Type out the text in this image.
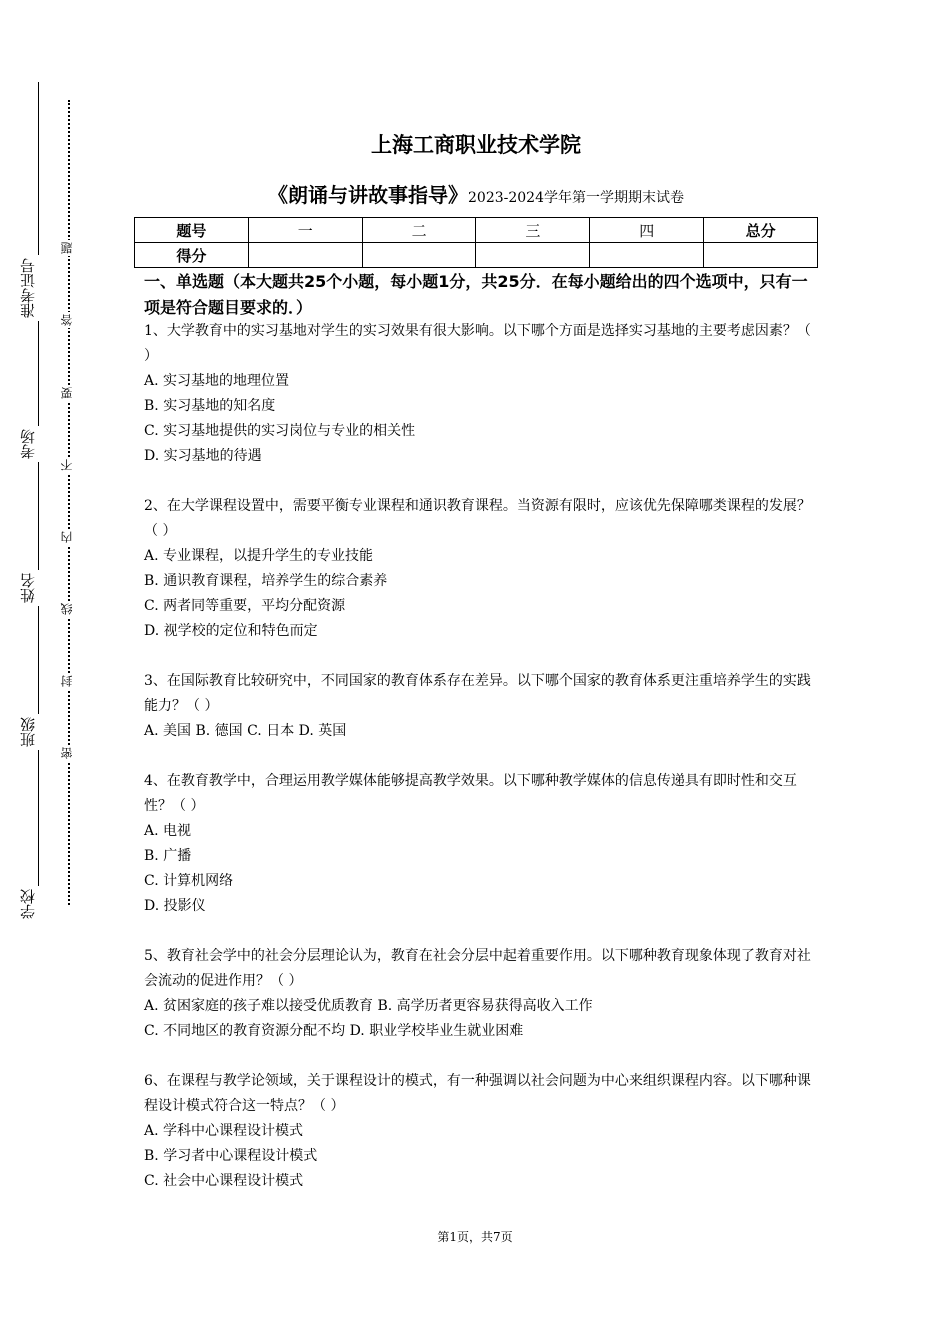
准考证号
考场
姓名
班级
学校
题
答
要
不
内
线
封
密
上海工商职业技术学院
《朗诵与讲故事指导》2023-2024学年第一学期期末试卷
题号	一	二	三	四	总分
得分					
一、单选题（本大题共25个小题，每小题1分，共25分．在每小题给出的四个选项中，只有一项是符合题目要求的．）
1、大学教育中的实习基地对学生的实习效果有很大影响。以下哪个方面是选择实习基地的主要考虑因素？（ ）
A. 实习基地的地理位置
B. 实习基地的知名度
C. 实习基地提供的实习岗位与专业的相关性
D. 实习基地的待遇
2、在大学课程设置中，需要平衡专业课程和通识教育课程。当资源有限时，应该优先保障哪类课程的发展？（ ）
A. 专业课程，以提升学生的专业技能
B. 通识教育课程，培养学生的综合素养
C. 两者同等重要，平均分配资源
D. 视学校的定位和特色而定
3、在国际教育比较研究中，不同国家的教育体系存在差异。以下哪个国家的教育体系更注重培养学生的实践能力？（ ）
A. 美国 B. 德国 C. 日本 D. 英国
4、在教育教学中，合理运用教学媒体能够提高教学效果。以下哪种教学媒体的信息传递具有即时性和交互性？（ ）
A. 电视
B. 广播
C. 计算机网络
D. 投影仪
5、教育社会学中的社会分层理论认为，教育在社会分层中起着重要作用。以下哪种教育现象体现了教育对社会流动的促进作用？（ ）
A. 贫困家庭的孩子难以接受优质教育 B. 高学历者更容易获得高收入工作
C. 不同地区的教育资源分配不均 D. 职业学校毕业生就业困难
6、在课程与教学论领域，关于课程设计的模式，有一种强调以社会问题为中心来组织课程内容。以下哪种课程设计模式符合这一特点？（ ）
A. 学科中心课程设计模式
B. 学习者中心课程设计模式
C. 社会中心课程设计模式
第1页，共7页
